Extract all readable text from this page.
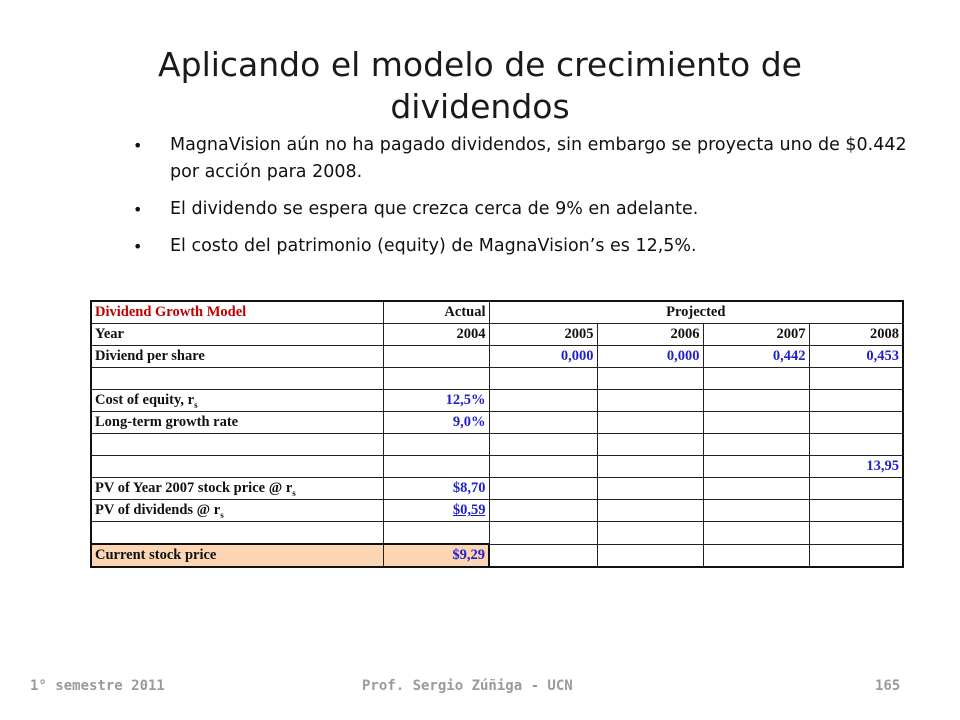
Aplicando el modelo de crecimiento de dividendos
• MagnaVision aún no ha pagado dividendos, sin embargo se proyecta uno de $0.442 por acción para 2008.
• El dividendo se espera que crezca cerca de 9% en adelante.
• El costo del patrimonio (equity) de MagnaVision’s es 12,5%.
Dividend Growth Model	Actual	Projected			
Year	2004	2005	2006	2007	2008
Diviend per share		0,000	0,000	0,442	0,453

Cost of equity, $r_s$	12,5%				
Long-term growth rate	9,0%				

					13,95
PV of Year 2007 stock price @ $r_s$	$8,70				
PV of dividends @ $r_s$	$0,59				

Current stock price	$9,29				
1° semestre 2011	Prof. Sergio Zúñiga - UCN	165
